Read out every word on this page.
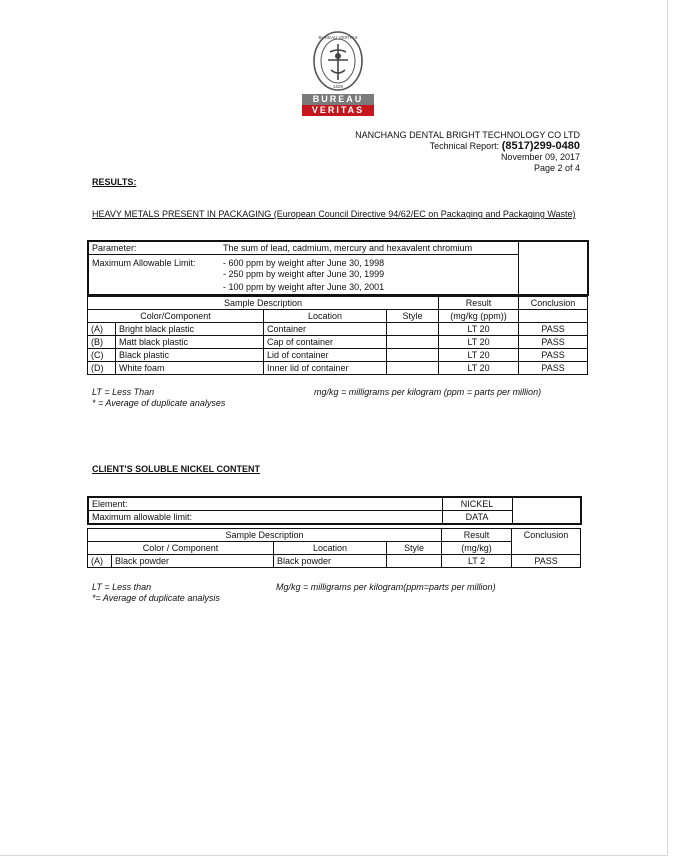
BUREAU VERITAS
1828
BUREAU
VERITAS
NANCHANG DENTAL BRIGHT TECHNOLOGY CO LTD
Technical Report: (8517)299-0480
November 09, 2017
Page 2 of 4
RESULTS:
HEAVY METALS PRESENT IN PACKAGING (European Council Directive 94/62/EC on Packaging and Packaging Waste)
Parameter:	The sum of lead, cadmium, mercury and hexavalent chromium	
Maximum Allowable Limit:	- 600 ppm by weight after June 30, 1998
- 250 ppm by weight after June 30, 1999
- 100 ppm by weight after June 30, 2001	
Sample Description				Result	Conclusion
Color/Component		Location	Style	(mg/kg (ppm))	
(A)	Bright black plastic	Container		LT 20	PASS
(B)	Matt black plastic	Cap of container		LT 20	PASS
(C)	Black plastic	Lid of container		LT 20	PASS
(D)	White foam	Inner lid of container		LT 20	PASS
LT = Less Than
* = Average of duplicate analyses
mg/kg = milligrams per kilogram (ppm = parts per million)
CLIENT'S SOLUBLE NICKEL CONTENT
Element:	NICKEL	
Maximum allowable limit:	DATA	
Sample Description				Result	Conclusion
Color / Component		Location	Style	(mg/kg)	
(A)	Black powder	Black powder		LT 2	PASS
LT = Less than
*= Average of duplicate analysis
Mg/kg = milligrams per kilogram(ppm=parts per million)
